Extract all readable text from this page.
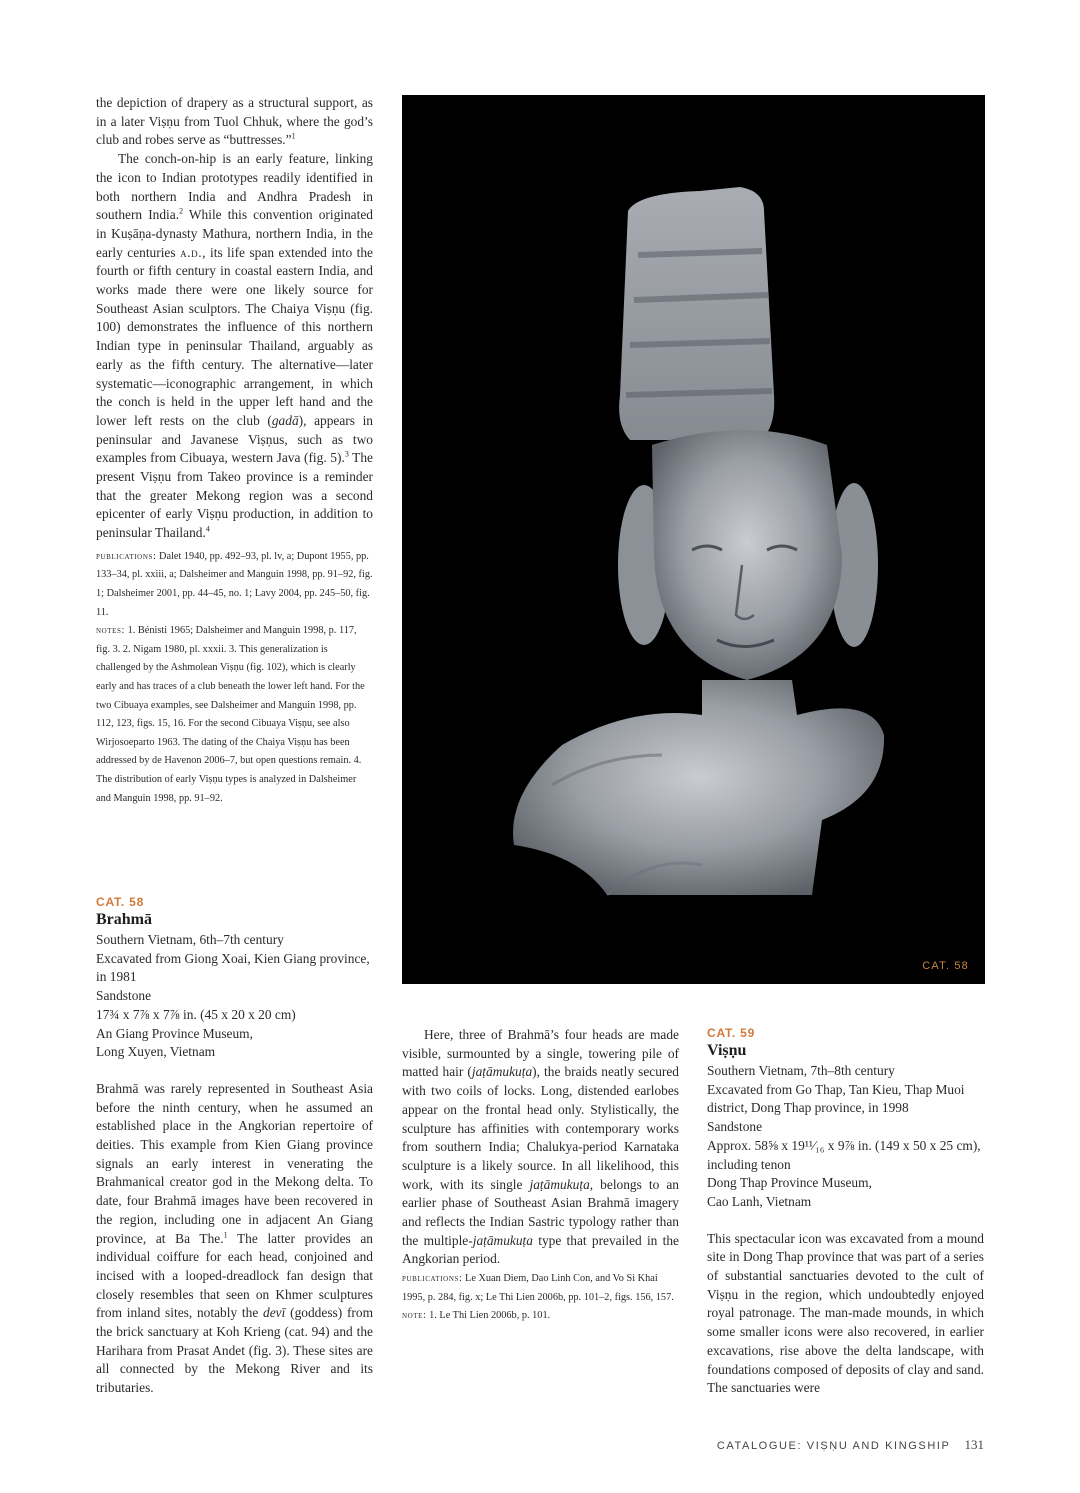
the depiction of drapery as a structural support, as in a later Viṣṇu from Tuol Chhuk, where the god’s club and robes serve as “buttresses.”$^1$

The conch-on-hip is an early feature, linking the icon to Indian prototypes readily identified in both northern India and Andhra Pradesh in southern India.$^2$ While this convention originated in Kuṣāṇa-dynasty Mathura, northern India, in the early centuries a.d., its life span extended into the fourth or fifth century in coastal eastern India, and works made there were one likely source for Southeast Asian sculptors. The Chaiya Viṣṇu (fig. 100) demonstrates the influence of this northern Indian type in peninsular Thailand, arguably as early as the fifth century. The alternative—later systematic—iconographic arrangement, in which the conch is held in the upper left hand and the lower left rests on the club (gadā), appears in peninsular and Javanese Viṣṇus, such as two examples from Cibuaya, western Java (fig. 5).$^3$ The present Viṣṇu from Takeo province is a reminder that the greater Mekong region was a second epicenter of early Viṣṇu production, in addition to peninsular Thailand.$^4$

publications: Dalet 1940, pp. 492–93, pl. lv, a; Dupont 1955, pp. 133–34, pl. xxiii, a; Dalsheimer and Manguin 1998, pp. 91–92, fig. 1; Dalsheimer 2001, pp. 44–45, no. 1; Lavy 2004, pp. 245–50, fig. 11.

notes: 1. Bénisti 1965; Dalsheimer and Manguin 1998, p. 117, fig. 3. 2. Nigam 1980, pl. xxxii. 3. This generalization is challenged by the Ashmolean Viṣṇu (fig. 102), which is clearly early and has traces of a club beneath the lower left hand. For the two Cibuaya examples, see Dalsheimer and Manguin 1998, pp. 112, 123, figs. 15, 16. For the second Cibuaya Viṣṇu, see also Wirjosoeparto 1963. The dating of the Chaiya Viṣṇu has been addressed by de Havenon 2006–7, but open questions remain. 4. The distribution of early Viṣṇu types is analyzed in Dalsheimer and Manguin 1998, pp. 91–92.

CAT. 58

Brahmā

Southern Vietnam, 6th–7th century

Excavated from Giong Xoai, Kien Giang province, in 1981

Sandstone

17¾ x 7⅞ x 7⅞ in. (45 x 20 x 20 cm)

An Giang Province Museum,

Long Xuyen, Vietnam

Brahmā was rarely represented in Southeast Asia before the ninth century, when he assumed an established place in the Angkorian repertoire of deities. This example from Kien Giang province signals an early interest in venerating the Brahmanical creator god in the Mekong delta. To date, four Brahmā images have been recovered in the region, including one in adjacent An Giang province, at Ba The.$^1$ The latter provides an individual coiffure for each head, conjoined and incised with a looped-dreadlock fan design that closely resembles that seen on Khmer sculptures from inland sites, notably the devī (goddess) from the brick sanctuary at Koh Krieng (cat. 94) and the Harihara from Prasat Andet (fig. 3). These sites are all connected by the Mekong River and its tributaries.

CAT. 58

Here, three of Brahmā’s four heads are made visible, surmounted by a single, towering pile of matted hair (jaṭāmukuṭa), the braids neatly secured with two coils of locks. Long, distended earlobes appear on the frontal head only. Stylistically, the sculpture has affinities with contemporary works from southern India; Chalukya-period Karnataka sculpture is a likely source. In all likelihood, this work, with its single jaṭāmukuṭa, belongs to an earlier phase of Southeast Asian Brahmā imagery and reflects the Indian Sastric typology rather than the multiple-jaṭāmukuṭa type that prevailed in the Angkorian period.

publications: Le Xuan Diem, Dao Linh Con, and Vo Si Khai 1995, p. 284, fig. x; Le Thi Lien 2006b, pp. 101–2, figs. 156, 157.

note: 1. Le Thi Lien 2006b, p. 101.

CAT. 59

Viṣṇu

Southern Vietnam, 7th–8th century

Excavated from Go Thap, Tan Kieu, Thap Muoi district, Dong Thap province, in 1998

Sandstone

Approx. 58⅝ x 19¹¹⁄₁₆ x 9⅞ in. (149 x 50 x 25 cm), including tenon

Dong Thap Province Museum,

Cao Lanh, Vietnam

This spectacular icon was excavated from a mound site in Dong Thap province that was part of a series of substantial sanctuaries devoted to the cult of Viṣṇu in the region, which undoubtedly enjoyed royal patronage. The man-made mounds, in which some smaller icons were also recovered, in earlier excavations, rise above the delta landscape, with foundations composed of deposits of clay and sand. The sanctuaries were

CATALOGUE: VIṢṆU AND KINGSHIP 131
